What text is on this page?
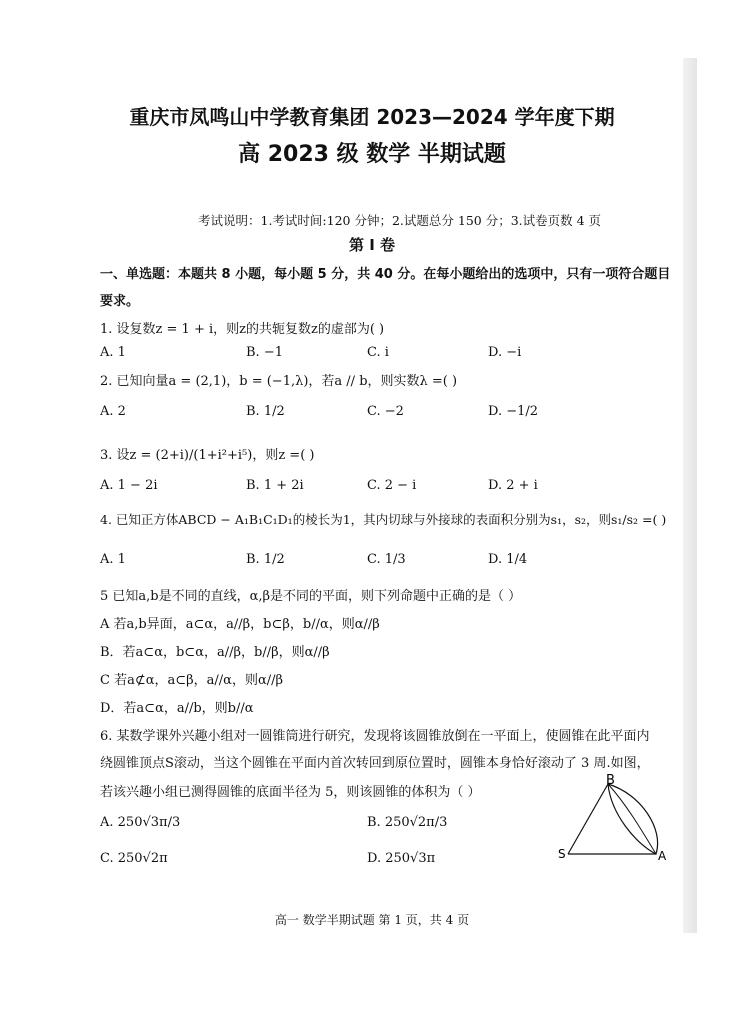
重庆市凤鸣山中学教育集团 2023—2024 学年度下期
高 2023 级 数学 半期试题
考试说明：1.考试时间:120 分钟；2.试题总分 150 分；3.试卷页数 4 页
第 I 卷
一、单选题：本题共 8 小题，每小题 5 分，共 40 分。在每小题给出的选项中，只有一项符合题目
要求。
1. 设复数z = 1 + i，则z的共轭复数z的虚部为( )
A. 1	B. −1	C. i	D. −i
2. 已知向量a = (2,1)，b = (−1,λ)，若a // b，则实数λ =( )
A. 2	B. 1/2	C. −2	D. −1/2
3. 设z = (2+i)/(1+i²+i⁵)，则z =( )
A. 1 − 2i	B. 1 + 2i	C. 2 − i	D. 2 + i
4. 已知正方体ABCD − A₁B₁C₁D₁的棱长为1，其内切球与外接球的表面积分别为s₁，s₂，则s₁/s₂ =( )
A. 1	B. 1/2	C. 1/3	D. 1/4
5 已知a,b是不同的直线，α,β是不同的平面，则下列命题中正确的是（ ）
A 若a,b异面，a⊂α，a//β，b⊂β，b//α，则α//β
B．若a⊂α，b⊂α，a//β，b//β，则α//β
C 若a⊄α，a⊂β，a//α，则α//β
D．若a⊂α，a//b，则b//α
6. 某数学课外兴趣小组对一圆锥筒进行研究，发现将该圆锥放倒在一平面上，使圆锥在此平面内
绕圆锥顶点S滚动，当这个圆锥在平面内首次转回到原位置时，圆锥本身恰好滚动了 3 周.如图，
若该兴趣小组已测得圆锥的底面半径为 5，则该圆锥的体积为（ ）
A. 250√3π/3	B. 250√2π/3
C. 250√2π	D. 250√3π
B
S	A
高一 数学半期试题 第 1 页，共 4 页
